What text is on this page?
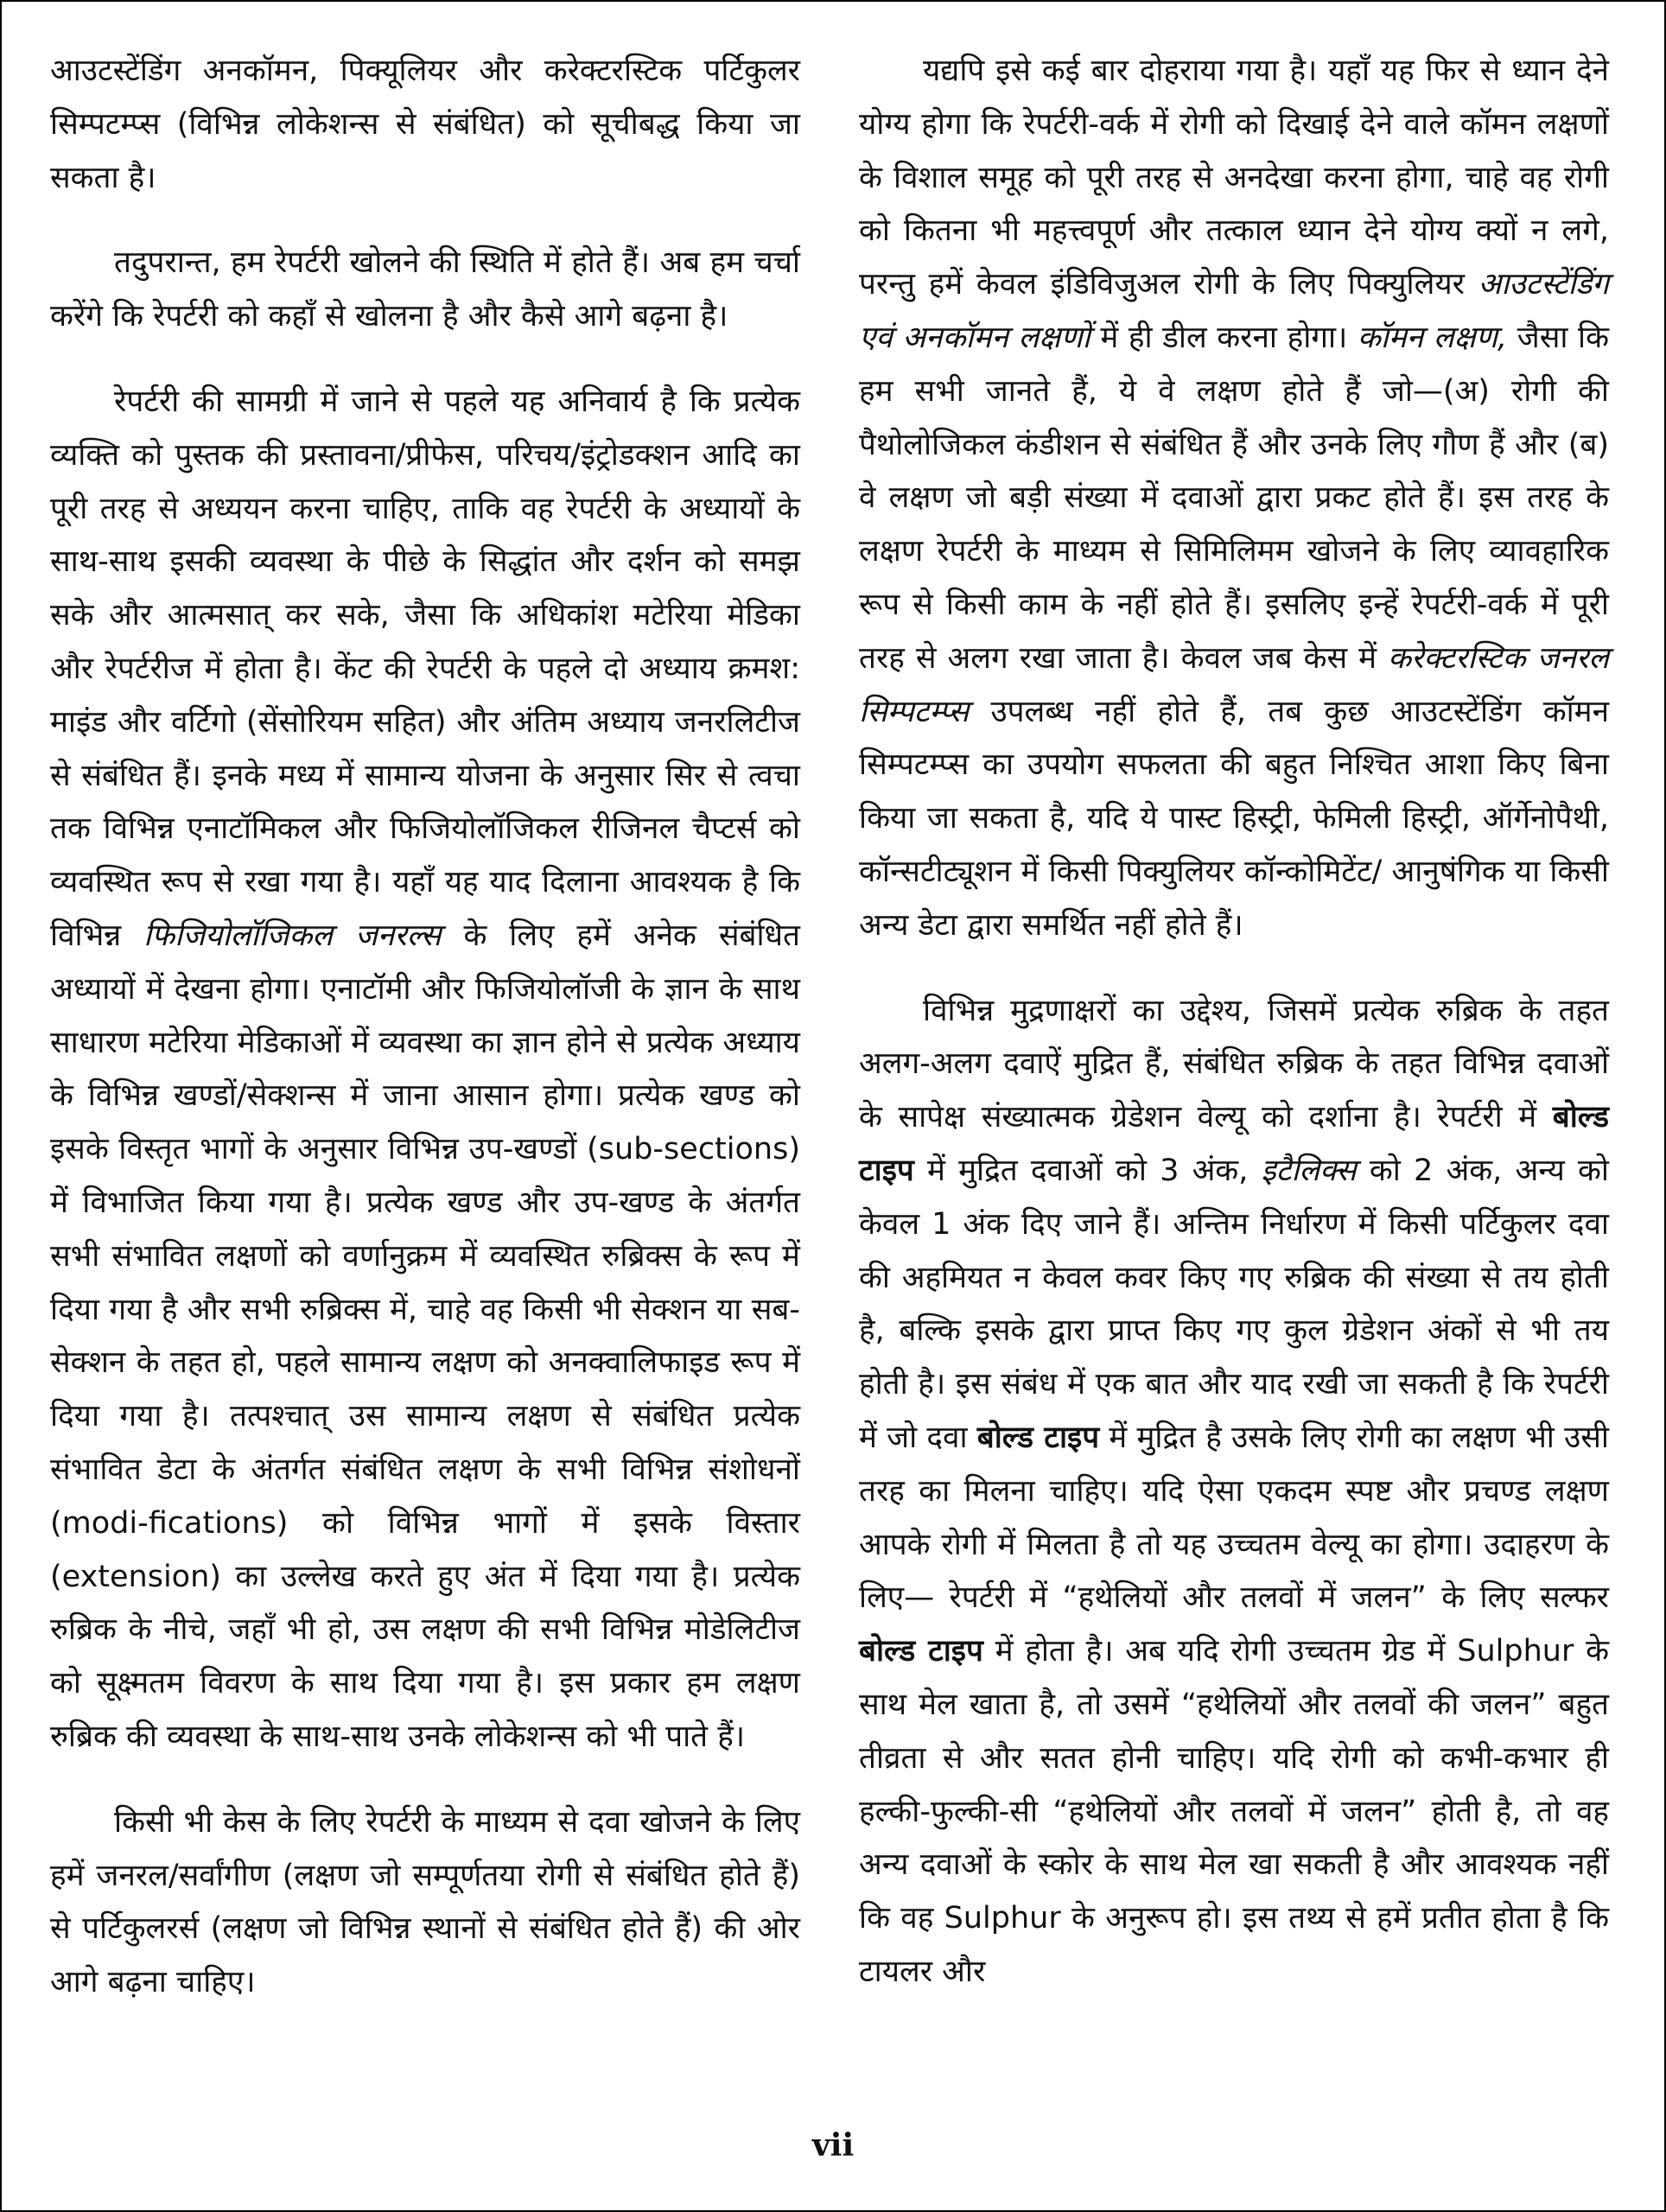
आउटस्टेंडिंग अनकॉमन, पिक्यूलियर और करेक्टरस्टिक पर्टिकुलर सिम्पटम्प्स (विभिन्न लोकेशन्स से संबंधित) को सूचीबद्ध किया जा सकता है।

तदुपरान्त, हम रेपर्टरी खोलने की स्थिति में होते हैं। अब हम चर्चा करेंगे कि रेपर्टरी को कहाँ से खोलना है और कैसे आगे बढ़ना है।

रेपर्टरी की सामग्री में जाने से पहले यह अनिवार्य है कि प्रत्येक व्यक्ति को पुस्तक की प्रस्तावना/प्रीफेस, परिचय/इंट्रोडक्शन आदि का पूरी तरह से अध्ययन करना चाहिए, ताकि वह रेपर्टरी के अध्यायों के साथ-साथ इसकी व्यवस्था के पीछे के सिद्धांत और दर्शन को समझ सके और आत्मसात् कर सके, जैसा कि अधिकांश मटेरिया मेडिका और रेपर्टरीज में होता है। केंट की रेपर्टरी के पहले दो अध्याय क्रमश: माइंड और वर्टिगो (सेंसोरियम सहित) और अंतिम अध्याय जनरलिटीज से संबंधित हैं। इनके मध्य में सामान्य योजना के अनुसार सिर से त्वचा तक विभिन्न एनाटॉमिकल और फिजियोलॉजिकल रीजिनल चैप्टर्स को व्यवस्थित रूप से रखा गया है। यहाँ यह याद दिलाना आवश्यक है कि विभिन्न फिजियोलॉजिकल जनरल्स के लिए हमें अनेक संबंधित अध्यायों में देखना होगा। एनाटॉमी और फिजियोलॉजी के ज्ञान के साथ साधारण मटेरिया मेडिकाओं में व्यवस्था का ज्ञान होने से प्रत्येक अध्याय के विभिन्न खण्डों/सेक्शन्स में जाना आसान होगा। प्रत्येक खण्ड को इसके विस्तृत भागों के अनुसार विभिन्न उप-खण्डों (sub-sections) में विभाजित किया गया है। प्रत्येक खण्ड और उप-खण्ड के अंतर्गत सभी संभावित लक्षणों को वर्णानुक्रम में व्यवस्थित रुब्रिक्स के रूप में दिया गया है और सभी रुब्रिक्स में, चाहे वह किसी भी सेक्शन या सब-सेक्शन के तहत हो, पहले सामान्य लक्षण को अनक्वालिफाइड रूप में दिया गया है। तत्पश्चात् उस सामान्य लक्षण से संबंधित प्रत्येक संभावित डेटा के अंतर्गत संबंधित लक्षण के सभी विभिन्न संशोधनों (modi-fications) को विभिन्न भागों में इसके विस्तार (extension) का उल्लेख करते हुए अंत में दिया गया है। प्रत्येक रुब्रिक के नीचे, जहाँ भी हो, उस लक्षण की सभी विभिन्न मोडेलिटीज को सूक्ष्मतम विवरण के साथ दिया गया है। इस प्रकार हम लक्षण रुब्रिक की व्यवस्था के साथ-साथ उनके लोकेशन्स को भी पाते हैं।

किसी भी केस के लिए रेपर्टरी के माध्यम से दवा खोजने के लिए हमें जनरल/सर्वांगीण (लक्षण जो सम्पूर्णतया रोगी से संबंधित होते हैं) से पर्टिकुलरर्स (लक्षण जो विभिन्न स्थानों से संबंधित होते हैं) की ओर आगे बढ़ना चाहिए।

यद्यपि इसे कई बार दोहराया गया है। यहाँ यह फिर से ध्यान देने योग्य होगा कि रेपर्टरी-वर्क में रोगी को दिखाई देने वाले कॉमन लक्षणों के विशाल समूह को पूरी तरह से अनदेखा करना होगा, चाहे वह रोगी को कितना भी महत्त्वपूर्ण और तत्काल ध्यान देने योग्य क्यों न लगे, परन्तु हमें केवल इंडिविजुअल रोगी के लिए पिक्युलियर आउटस्टेंडिंग एवं अनकॉमन लक्षणों में ही डील करना होगा। कॉमन लक्षण, जैसा कि हम सभी जानते हैं, ये वे लक्षण होते हैं जो—(अ) रोगी की पैथोलोजिकल कंडीशन से संबंधित हैं और उनके लिए गौण हैं और (ब) वे लक्षण जो बड़ी संख्या में दवाओं द्वारा प्रकट होते हैं। इस तरह के लक्षण रेपर्टरी के माध्यम से सिमिलिमम खोजने के लिए व्यावहारिक रूप से किसी काम के नहीं होते हैं। इसलिए इन्हें रेपर्टरी-वर्क में पूरी तरह से अलग रखा जाता है। केवल जब केस में करेक्टरस्टिक जनरल सिम्पटम्प्स उपलब्ध नहीं होते हैं, तब कुछ आउटस्टेंडिंग कॉमन सिम्पटम्प्स का उपयोग सफलता की बहुत निश्चित आशा किए बिना किया जा सकता है, यदि ये पास्ट हिस्ट्री, फेमिली हिस्ट्री, ऑर्गेनोपैथी, कॉन्सटीट्यूशन में किसी पिक्युलियर कॉन्कोमिटेंट/ आनुषंगिक या किसी अन्य डेटा द्वारा समर्थित नहीं होते हैं।

विभिन्न मुद्रणाक्षरों का उद्देश्य, जिसमें प्रत्येक रुब्रिक के तहत अलग-अलग दवाऐं मुद्रित हैं, संबंधित रुब्रिक के तहत विभिन्न दवाओं के सापेक्ष संख्यात्मक ग्रेडेशन वेल्यू को दर्शाना है। रेपर्टरी में बोल्ड टाइप में मुद्रित दवाओं को 3 अंक, इटैलिक्स को 2 अंक, अन्य को केवल 1 अंक दिए जाने हैं। अन्तिम निर्धारण में किसी पर्टिकुलर दवा की अहमियत न केवल कवर किए गए रुब्रिक की संख्या से तय होती है, बल्कि इसके द्वारा प्राप्त किए गए कुल ग्रेडेशन अंकों से भी तय होती है। इस संबंध में एक बात और याद रखी जा सकती है कि रेपर्टरी में जो दवा बोल्ड टाइप में मुद्रित है उसके लिए रोगी का लक्षण भी उसी तरह का मिलना चाहिए। यदि ऐसा एकदम स्पष्ट और प्रचण्ड लक्षण आपके रोगी में मिलता है तो यह उच्चतम वेल्यू का होगा। उदाहरण के लिए— रेपर्टरी में “हथेलियों और तलवों में जलन” के लिए सल्फर बोल्ड टाइप में होता है। अब यदि रोगी उच्चतम ग्रेड में Sulphur के साथ मेल खाता है, तो उसमें “हथेलियों और तलवों की जलन” बहुत तीव्रता से और सतत होनी चाहिए। यदि रोगी को कभी-कभार ही हल्की-फुल्की-सी “हथेलियों और तलवों में जलन” होती है, तो वह अन्य दवाओं के स्कोर के साथ मेल खा सकती है और आवश्यक नहीं कि वह Sulphur के अनुरूप हो। इस तथ्य से हमें प्रतीत होता है कि टायलर और

vii
